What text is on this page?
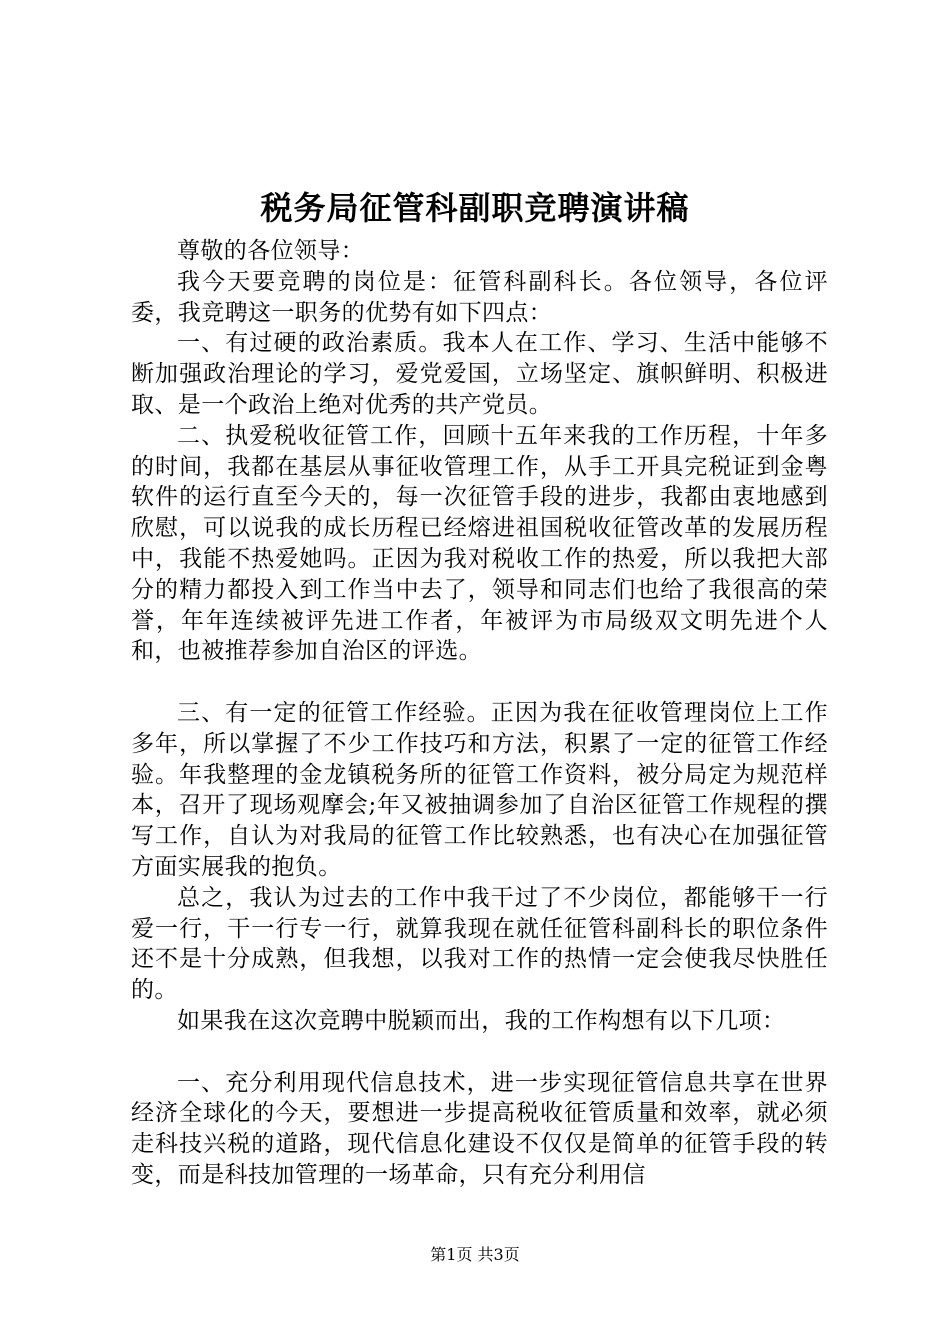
税务局征管科副职竞聘演讲稿

尊敬的各位领导：

我今天要竞聘的岗位是：征管科副科长。各位领导，各位评委，我竞聘这一职务的优势有如下四点：

一、有过硬的政治素质。我本人在工作、学习、生活中能够不断加强政治理论的学习，爱党爱国，立场坚定、旗帜鲜明、积极进取、是一个政治上绝对优秀的共产党员。

二、执爱税收征管工作，回顾十五年来我的工作历程，十年多的时间，我都在基层从事征收管理工作，从手工开具完税证到金粤软件的运行直至今天的，每一次征管手段的进步，我都由衷地感到欣慰，可以说我的成长历程已经熔进祖国税收征管改革的发展历程中，我能不热爱她吗。正因为我对税收工作的热爱，所以我把大部分的精力都投入到工作当中去了，领导和同志们也给了我很高的荣誉，年年连续被评先进工作者，年被评为市局级双文明先进个人和，也被推荐参加自治区的评选。

三、有一定的征管工作经验。正因为我在征收管理岗位上工作多年，所以掌握了不少工作技巧和方法，积累了一定的征管工作经验。年我整理的金龙镇税务所的征管工作资料，被分局定为规范样本，召开了现场观摩会;年又被抽调参加了自治区征管工作规程的撰写工作，自认为对我局的征管工作比较熟悉，也有决心在加强征管方面实展我的抱负。

总之，我认为过去的工作中我干过了不少岗位，都能够干一行爱一行，干一行专一行，就算我现在就任征管科副科长的职位条件还不是十分成熟，但我想，以我对工作的热情一定会使我尽快胜任的。

如果我在这次竞聘中脱颖而出，我的工作构想有以下几项：

一、充分利用现代信息技术，进一步实现征管信息共享在世界经济全球化的今天，要想进一步提高税收征管质量和效率，就必须走科技兴税的道路，现代信息化建设不仅仅是简单的征管手段的转变，而是科技加管理的一场革命，只有充分利用信

第1页 共3页
